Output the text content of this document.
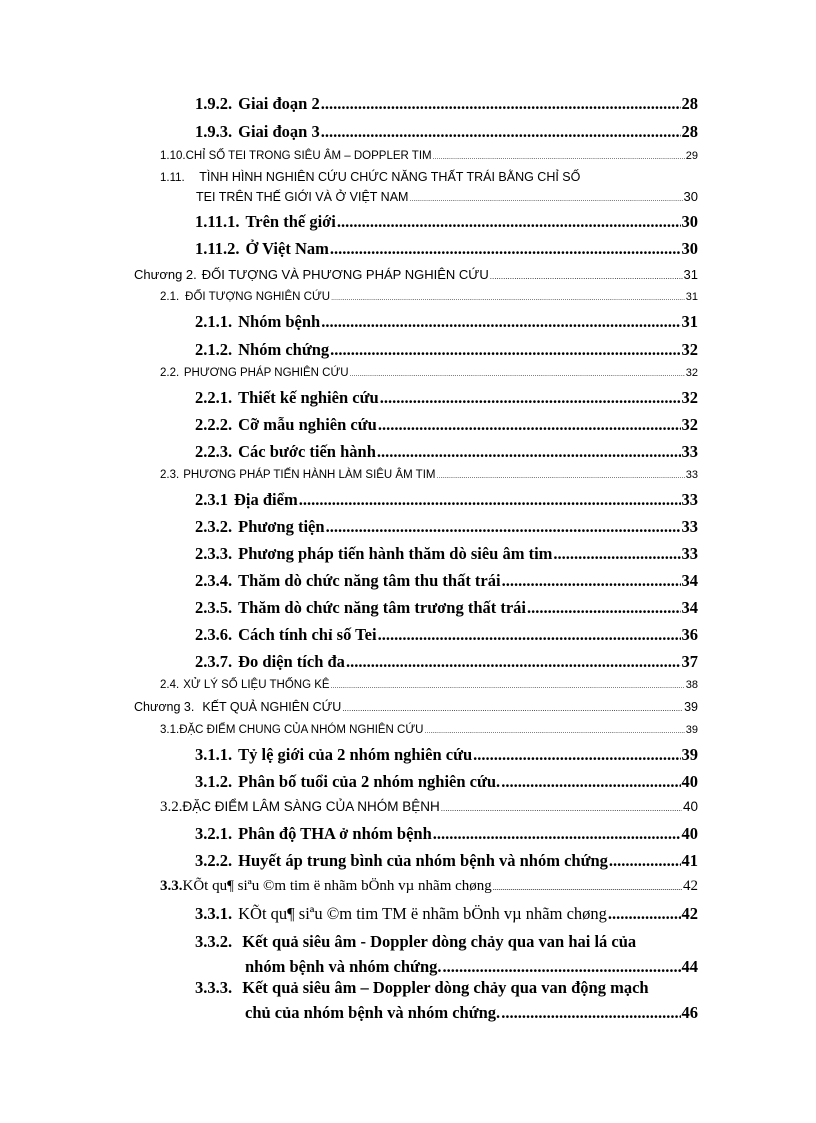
1.9.2. Giai đoạn 2 .....	28
1.9.3. Giai đoạn 3 .....	28
1.10. CHỈ SỐ TEI TRONG SIÊU ÂM – DOPPLER TIM .....	29
1.11. TÌNH HÌNH NGHIÊN CỨU CHỨC NĂNG THẤT TRÁI BẰNG CHỈ SỐ
TEI TRÊN THẾ GIỚI VÀ Ở VIỆT NAM .....	30
1.11.1. Trên thế giới .....	30
1.11.2. Ở Việt Nam .....	30
Chương 2. ĐỐI TƯỢNG VÀ PHƯƠNG PHÁP NGHIÊN CỨU .....	31
2.1. ĐỐI TƯỢNG NGHIÊN CỨU .....	31
2.1.1. Nhóm bệnh .....	31
2.1.2. Nhóm chứng .....	32
2.2. PHƯƠNG PHÁP NGHIÊN CỨU .....	32
2.2.1. Thiết kế nghiên cứu .....	32
2.2.2. Cỡ mẫu nghiên cứu .....	32
2.2.3. Các bước tiến hành .....	33
2.3. PHƯƠNG PHÁP TIẾN HÀNH LÀM SIÊU ÂM TIM .....	33
2.3.1 Địa điểm .....	33
2.3.2. Phương tiện .....	33
2.3.3. Phương pháp tiến hành thăm dò siêu âm tim .....	33
2.3.4. Thăm dò chức năng tâm thu thất trái .....	34
2.3.5. Thăm dò chức năng tâm trương thất trái .....	34
2.3.6. Cách tính chỉ số Tei .....	36
2.3.7. Đo diện tích đa .....	37
2.4. XỬ LÝ SỐ LIỆU THỐNG KÊ .....	38
Chương 3. KẾT QUẢ NGHIÊN CỨU .....	39
3.1. ĐẶC ĐIỂM CHUNG CỦA NHÓM NGHIÊN CỨU .....	39
3.1.1. Tỷ lệ giới của 2 nhóm nghiên cứu .....	39
3.1.2. Phân bố tuổi của 2 nhóm nghiên cứu. .....	40
3.2. ĐẶC ĐIỂM LÂM SÀNG CỦA NHÓM BỆNH .....	40
3.2.1. Phân độ THA ở nhóm bệnh .....	40
3.2.2. Huyết áp trung bình của nhóm bệnh và nhóm chứng .....	41
3.3. KÕt qu¶ siªu ©m tim ë nhãm bÖnh vµ nhãm chøng .....	42
3.3.1. KÕt qu¶ siªu ©m tim TM ë nhãm bÖnh vµ nhãm chøng .....	42
3.3.2. Kết quả siêu âm - Doppler dòng chảy qua van hai lá của
nhóm bệnh và nhóm chứng. .....	44
3.3.3. Kết quả siêu âm – Doppler dòng chảy qua van động mạch
chủ của nhóm bệnh và nhóm chứng. .....	46
